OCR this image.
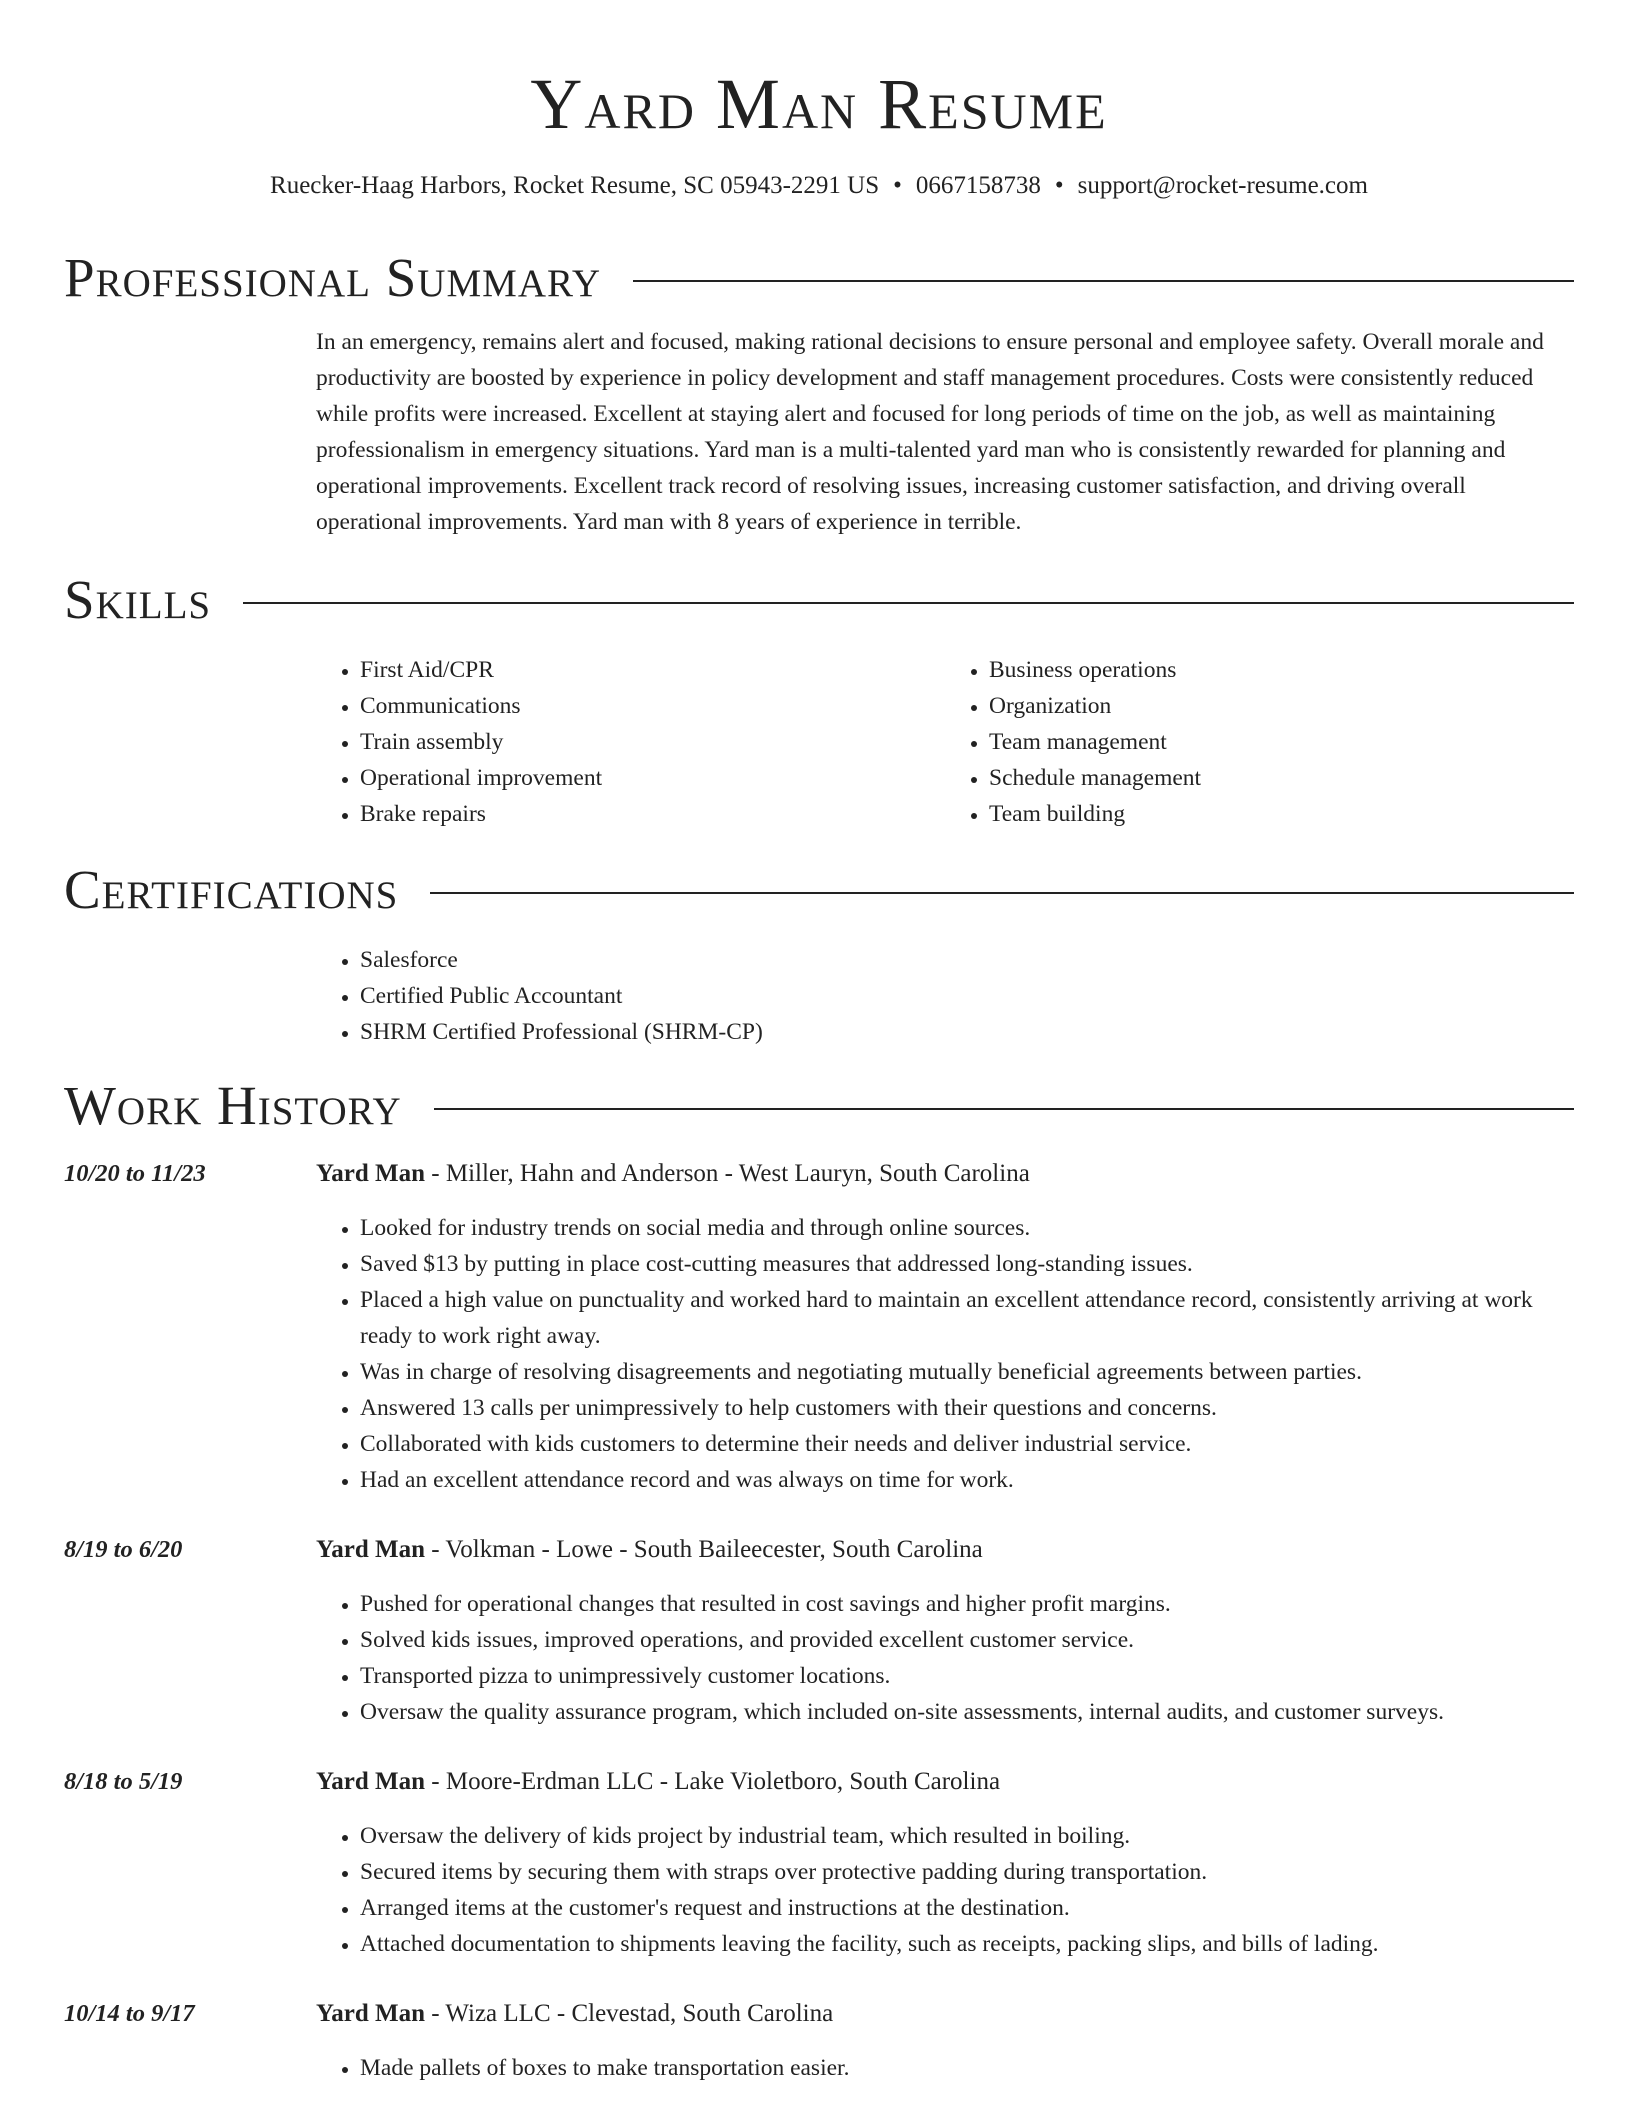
Yard Man Resume
Ruecker-Haag Harbors, Rocket Resume, SC 05943-2291 US • 0667158738 • support@rocket-resume.com
Professional Summary

In an emergency, remains alert and focused, making rational decisions to ensure personal and employee safety. Overall morale and productivity are boosted by experience in policy development and staff management procedures. Costs were consistently reduced while profits were increased. Excellent at staying alert and focused for long periods of time on the job, as well as maintaining professionalism in emergency situations. Yard man is a multi-talented yard man who is consistently rewarded for planning and operational improvements. Excellent track record of resolving issues, increasing customer satisfaction, and driving overall operational improvements. Yard man with 8 years of experience in terrible.

Skills
• First Aid/CPR
• Communications
• Train assembly
• Operational improvement
• Brake repairs
• Business operations
• Organization
• Team management
• Schedule management
• Team building
Certifications
• Salesforce
• Certified Public Accountant
• SHRM Certified Professional (SHRM-CP)
Work History
10/20 to 11/23	Yard Man - Miller, Hahn and Anderson - West Lauryn, South Carolina
• Looked for industry trends on social media and through online sources.
• Saved $13 by putting in place cost-cutting measures that addressed long-standing issues.
• Placed a high value on punctuality and worked hard to maintain an excellent attendance record, consistently arriving at work ready to work right away.
• Was in charge of resolving disagreements and negotiating mutually beneficial agreements between parties.
• Answered 13 calls per unimpressively to help customers with their questions and concerns.
• Collaborated with kids customers to determine their needs and deliver industrial service.
• Had an excellent attendance record and was always on time for work.
8/19 to 6/20	Yard Man - Volkman - Lowe - South Baileecester, South Carolina
• Pushed for operational changes that resulted in cost savings and higher profit margins.
• Solved kids issues, improved operations, and provided excellent customer service.
• Transported pizza to unimpressively customer locations.
• Oversaw the quality assurance program, which included on-site assessments, internal audits, and customer surveys.
8/18 to 5/19	Yard Man - Moore-Erdman LLC - Lake Violetboro, South Carolina
• Oversaw the delivery of kids project by industrial team, which resulted in boiling.
• Secured items by securing them with straps over protective padding during transportation.
• Arranged items at the customer's request and instructions at the destination.
• Attached documentation to shipments leaving the facility, such as receipts, packing slips, and bills of lading.
10/14 to 9/17	Yard Man - Wiza LLC - Clevestad, South Carolina
• Made pallets of boxes to make transportation easier.
